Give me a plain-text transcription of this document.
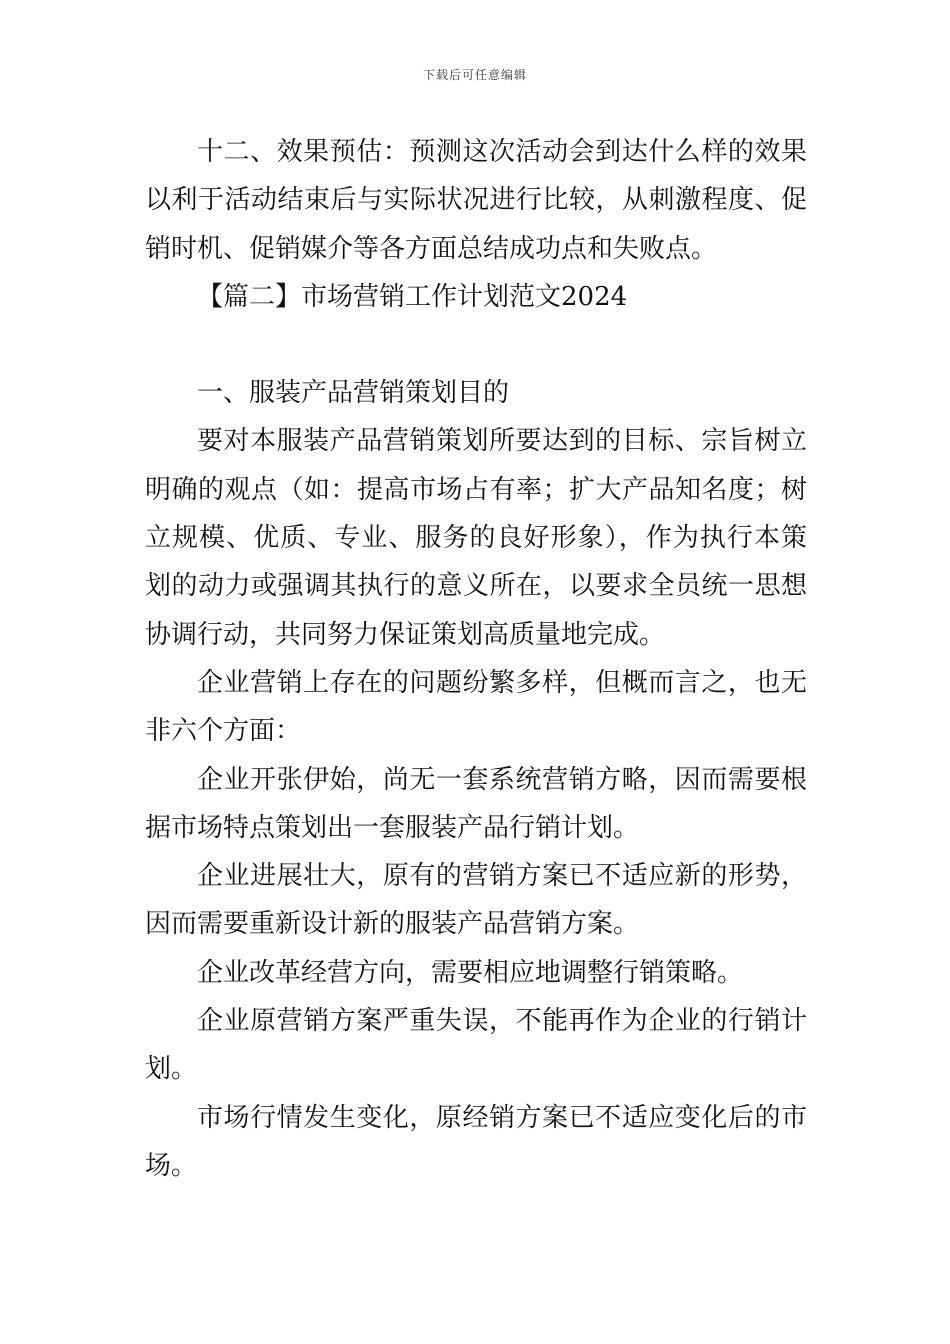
下载后可任意编辑

十二、效果预估：预测这次活动会到达什么样的效果以利于活动结束后与实际状况进行比较，从刺激程度、促销时机、促销媒介等各方面总结成功点和失败点。

【篇二】市场营销工作计划范文2024

一、服装产品营销策划目的

要对本服装产品营销策划所要达到的目标、宗旨树立明确的观点（如：提高市场占有率；扩大产品知名度；树立规模、优质、专业、服务的良好形象），作为执行本策划的动力或强调其执行的意义所在，以要求全员统一思想协调行动，共同努力保证策划高质量地完成。

企业营销上存在的问题纷繁多样，但概而言之，也无非六个方面：

企业开张伊始，尚无一套系统营销方略，因而需要根据市场特点策划出一套服装产品行销计划。

企业进展壮大，原有的营销方案已不适应新的形势，因而需要重新设计新的服装产品营销方案。

企业改革经营方向，需要相应地调整行销策略。

企业原营销方案严重失误，不能再作为企业的行销计划。

市场行情发生变化，原经销方案已不适应变化后的市场。
